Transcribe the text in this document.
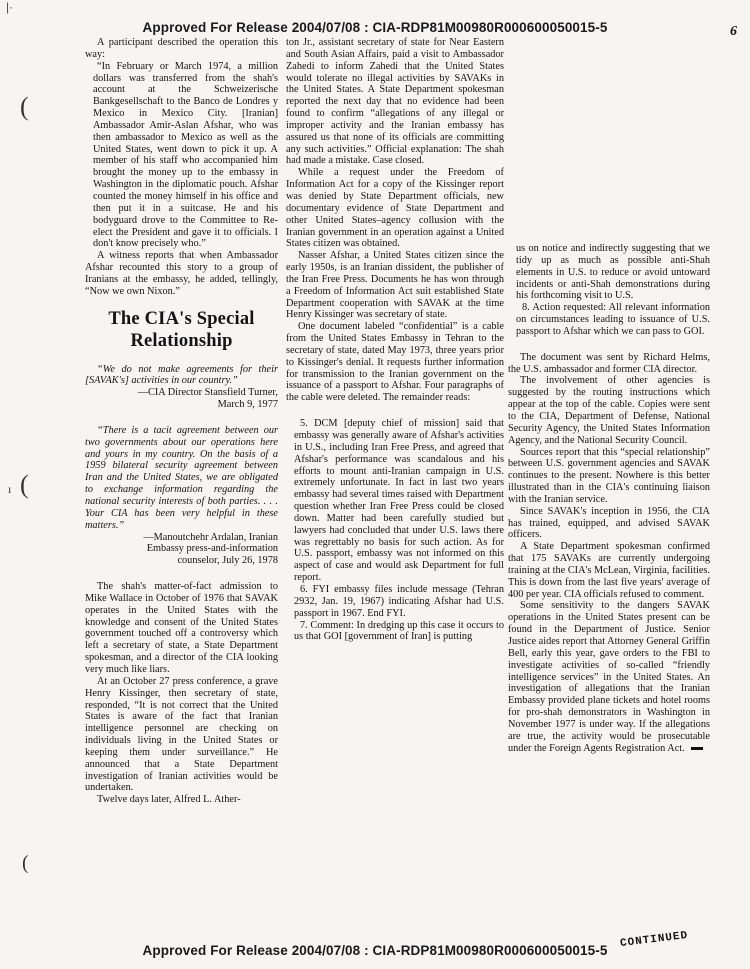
|·
Approved For Release 2004/07/08 : CIA-RDP81M00980R000600050015-5	6
(
(
ı
(

A participant described the operation this way:

“In February or March 1974, a million dollars was transferred from the shah's account at the Schweizerische Bankgesellschaft to the Banco de Londres y Mexico in Mexico City. [Iranian] Ambassador Amir-Aslan Afshar, who was then ambassador to Mexico as well as the United States, went down to pick it up. A member of his staff who accompanied him brought the money up to the embassy in Washington in the diplomatic pouch. Afshar counted the money himself in his office and then put it in a suitcase. He and his bodyguard drove to the Committee to Re-elect the President and gave it to officials. I don't know precisely who.”

A witness reports that when Ambassador Afshar recounted this story to a group of Iranians at the embassy, he added, tellingly, “Now we own Nixon.”

The CIA's Special
Relationship

“We do not make agreements for their [SAVAK's] activities in our country.”

—CIA Director Stansfield Turner,

March 9, 1977

“There is a tacit agreement between our two governments about our operations here and yours in my country. On the basis of a 1959 bilateral security agreement between Iran and the United States, we are obligated to exchange information regarding the national security interests of both parties. . . . Your CIA has been very helpful in these matters.”

—Manoutchehr Ardalan, Iranian

Embassy press-and-information

counselor, July 26, 1978

The shah's matter-of-fact admission to Mike Wallace in October of 1976 that SAVAK operates in the United States with the knowledge and consent of the United States government touched off a controversy which left a secretary of state, a State Department spokesman, and a director of the CIA looking very much like liars.

At an October 27 press conference, a grave Henry Kissinger, then secretary of state, responded, “It is not correct that the United States is aware of the fact that Iranian intelligence personnel are checking on individuals living in the United States or keeping them under surveillance.” He announced that a State Department investigation of Iranian activities would be undertaken.

Twelve days later, Alfred L. Ather-

ton Jr., assistant secretary of state for Near Eastern and South Asian Affairs, paid a visit to Ambassador Zahedi to inform Zahedi that the United States would tolerate no illegal activities by SAVAKs in the United States. A State Department spokesman reported the next day that no evidence had been found to confirm “allegations of any illegal or improper activity and the Iranian embassy has assured us that none of its officials are committing any such activities.” Official explanation: The shah had made a mistake. Case closed.

While a request under the Freedom of Information Act for a copy of the Kissinger report was denied by State Department officials, new documentary evidence of State Department and other United States–agency collusion with the Iranian government in an operation against a United States citizen was obtained.

Nasser Afshar, a United States citizen since the early 1950s, is an Iranian dissident, the publisher of the Iran Free Press. Documents he has won through a Freedom of Information Act suit established State Department cooperation with SAVAK at the time Henry Kissinger was secretary of state.

One document labeled “confidential” is a cable from the United States Embassy in Tehran to the secretary of state, dated May 1973, three years prior to Kissinger's denial. It requests further information for transmission to the Iranian government on the issuance of a passport to Afshar. Four paragraphs of the cable were deleted. The remainder reads:

5. DCM [deputy chief of mission] said that embassy was generally aware of Afshar's activities in U.S., including Iran Free Press, and agreed that Afshar's performance was scandalous and his efforts to mount anti-Iranian campaign in U.S. extremely unfortunate. In fact in last two years embassy had several times raised with Department question whether Iran Free Press could be closed down. Matter had been carefully studied but lawyers had concluded that under U.S. laws there was regrettably no basis for such action. As for U.S. passport, embassy was not informed on this aspect of case and would ask Department for full report.

6. FYI embassy files include message (Tehran 2932, Jan. 19, 1967) indicating Afshar had U.S. passport in 1967. End FYI.

7. Comment: In dredging up this case it occurs to us that GOI [government of Iran] is putting

us on notice and indirectly suggesting that we tidy up as much as possible anti-Shah elements in U.S. to reduce or avoid untoward incidents or anti-Shah demonstrations during his forthcoming visit to U.S.

8. Action requested: All relevant information on circumstances leading to issuance of U.S. passport to Afshar which we can pass to GOI.

The document was sent by Richard Helms, the U.S. ambassador and former CIA director.

The involvement of other agencies is suggested by the routing instructions which appear at the top of the cable. Copies were sent to the CIA, Department of Defense, National Security Agency, the United States Information Agency, and the National Security Council.

Sources report that this “special relationship” between U.S. government agencies and SAVAK continues to the present. Nowhere is this better illustrated than in the CIA's continuing liaison with the Iranian service.

Since SAVAK's inception in 1956, the CIA has trained, equipped, and advised SAVAK officers.

A State Department spokesman confirmed that 175 SAVAKs are currently undergoing training at the CIA's McLean, Virginia, facilities. This is down from the last five years' average of 400 per year. CIA officials refused to comment.

Some sensitivity to the dangers SAVAK operations in the United States present can be found in the Department of Justice. Senior Justice aides report that Attorney General Griffin Bell, early this year, gave orders to the FBI to investigate activities of so-called “friendly intelligence services” in the United States. An investigation of allegations that the Iranian Embassy provided plane tickets and hotel rooms for pro-shah demonstrators in Washington in November 1977 is under way. If the allegations are true, the activity would be prosecutable under the Foreign Agents Registration Act.

Approved For Release 2004/07/08 : CIA-RDP81M00980R000600050015-5
CONTINUED
